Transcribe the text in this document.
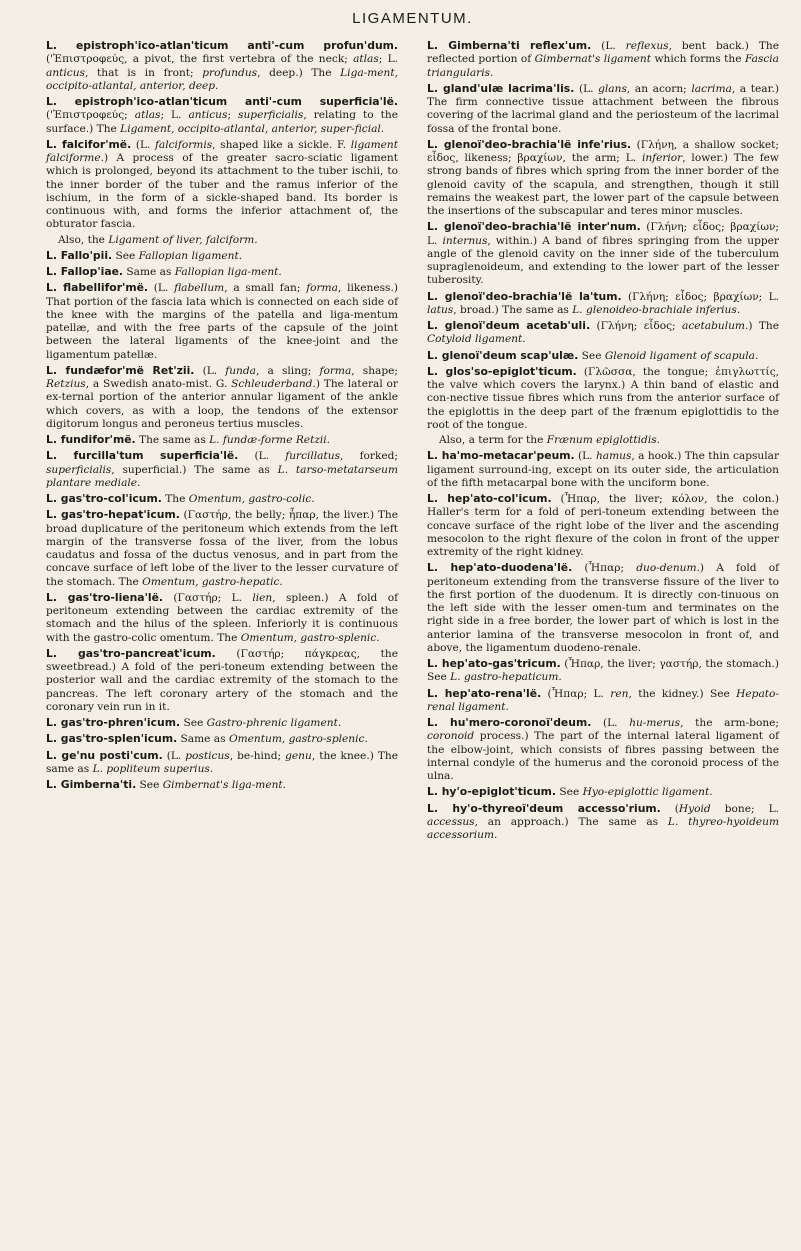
LIGAMENTUM.

L. epistroph'ico-atlan'ticum anti'-cum profun'dum. ('Ἐπιστροφεύς, a pivot, the first vertebra of the neck; atlas; L. anticus, that is in front; profundus, deep.) The Liga-ment, occipito-atlantal, anterior, deep.

L. epistroph'ico-atlan'ticum anti'-cum superficia'lë. ('Ἐπιστροφεύς; atlas; L. anticus; superficialis, relating to the surface.) The Ligament, occipito-atlantal, anterior, super-ficial.

L. falcifor'më. (L. falciformis, shaped like a sickle. F. ligament falciforme.) A process of the greater sacro-sciatic ligament which is prolonged, beyond its attachment to the tuber ischii, to the inner border of the tuber and the ramus inferior of the ischium, in the form of a sickle-shaped band. Its border is continuous with, and forms the inferior attachment of, the obturator fascia.

Also, the Ligament of liver, falciform.

L. Fallo'pii. See Fallopian ligament.

L. Fallop'iae. Same as Fallopian liga-ment.

L. flabellifor'më. (L. flabellum, a small fan; forma, likeness.) That portion of the fascia lata which is connected on each side of the knee with the margins of the patella and liga-mentum patellæ, and with the free parts of the capsule of the joint between the lateral ligaments of the knee-joint and the ligamentum patellæ.

L. fundæfor'më Ret'zii. (L. funda, a sling; forma, shape; Retzius, a Swedish anato-mist. G. Schleuderband.) The lateral or ex-ternal portion of the anterior annular ligament of the ankle which covers, as with a loop, the tendons of the extensor digitorum longus and peroneus tertius muscles.

L. fundifor'më. The same as L. fundæ-forme Retzii.

L. furcilla'tum superficia'lë. (L. furcillatus, forked; superficialis, superficial.) The same as L. tarso-metatarseum plantare mediale.

L. gas'tro-col'icum. The Omentum, gastro-colic.

L. gas'tro-hepat'icum. (Γαστήρ, the belly; ἧπαρ, the liver.) The broad duplicature of the peritoneum which extends from the left margin of the transverse fossa of the liver, from the lobus caudatus and fossa of the ductus venosus, and in part from the concave surface of left lobe of the liver to the lesser curvature of the stomach. The Omentum, gastro-hepatic.

L. gas'tro-liena'lë. (Γαστήρ; L. lien, spleen.) A fold of peritoneum extending between the cardiac extremity of the stomach and the hilus of the spleen. Inferiorly it is continuous with the gastro-colic omentum. The Omentum, gastro-splenic.

L. gas'tro-pancreat'icum. (Γαστήρ; πάγκρεας, the sweetbread.) A fold of the peri-toneum extending between the posterior wall and the cardiac extremity of the stomach to the pancreas. The left coronary artery of the stomach and the coronary vein run in it.

L. gas'tro-phren'icum. See Gastro-phrenic ligament.

L. gas'tro-splen'icum. Same as Omentum, gastro-splenic.

L. ge'nu posti'cum. (L. posticus, be-hind; genu, the knee.) The same as L. popliteum superius.

L. Gimberna'ti. See Gimbernat's liga-ment.

L. Gimberna'ti reflex'um. (L. reflexus, bent back.) The reflected portion of Gimbernat's ligament which forms the Fascia triangularis.

L. gland'ulæ lacrima'lis. (L. glans, an acorn; lacrima, a tear.) The firm connective tissue attachment between the fibrous covering of the lacrimal gland and the periosteum of the lacrimal fossa of the frontal bone.

L. glenoï'deo-brachia'lë infe'rius. (Γλήνη, a shallow socket; εἶδος, likeness; βραχίων, the arm; L. inferior, lower.) The few strong bands of fibres which spring from the inner border of the glenoid cavity of the scapula, and strengthen, though it still remains the weakest part, the lower part of the capsule between the insertions of the subscapular and teres minor muscles.

L. glenoï'deo-brachia'lë inter'num. (Γλήνη; εἶδος; βραχίων; L. internus, within.) A band of fibres springing from the upper angle of the glenoid cavity on the inner side of the tuberculum supraglenoideum, and extending to the lower part of the lesser tuberosity.

L. glenoï'deo-brachia'lë la'tum. (Γλήνη; εἶδος; βραχίων; L. latus, broad.) The same as L. glenoideo-brachiale inferius.

L. glenoï'deum acetab'uli. (Γλήνη; εἶδος; acetabulum.) The Cotyloid ligament.

L. glenoï'deum scap'ulæ. See Glenoid ligament of scapula.

L. glos'so-epiglot'ticum. (Γλῶσσα, the tongue; ἐπιγλωττίς, the valve which covers the larynx.) A thin band of elastic and con-nective tissue fibres which runs from the anterior surface of the epiglottis in the deep part of the frænum epiglottidis to the root of the tongue.

Also, a term for the Frænum epiglottidis.

L. ha'mo-metacar'peum. (L. hamus, a hook.) The thin capsular ligament surround-ing, except on its outer side, the articulation of the fifth metacarpal bone with the unciform bone.

L. hep'ato-col'icum. (Ἧπαρ, the liver; κόλον, the colon.) Haller's term for a fold of peri-toneum extending between the concave surface of the right lobe of the liver and the ascending mesocolon to the right flexure of the colon in front of the upper extremity of the right kidney.

L. hep'ato-duodena'lë. (Ἧπαρ; duo-denum.) A fold of peritoneum extending from the transverse fissure of the liver to the first portion of the duodenum. It is directly con-tinuous on the left side with the lesser omen-tum and terminates on the right side in a free border, the lower part of which is lost in the anterior lamina of the transverse mesocolon in front of, and above, the ligamentum duodeno-renale.

L. hep'ato-gas'tricum. (Ἧπαρ, the liver; γαστήρ, the stomach.) See L. gastro-hepaticum.

L. hep'ato-rena'lë. (Ἧπαρ; L. ren, the kidney.) See Hepato-renal ligament.

L. hu'mero-coronoï'deum. (L. hu-merus, the arm-bone; coronoid process.) The part of the internal lateral ligament of the elbow-joint, which consists of fibres passing between the internal condyle of the humerus and the coronoid process of the ulna.

L. hy'o-epiglot'ticum. See Hyo-epiglottic ligament.

L. hy'o-thyreoï'deum accesso'rium. (Hyoid bone; L. accessus, an approach.) The same as L. thyreo-hyoideum accessorium.
